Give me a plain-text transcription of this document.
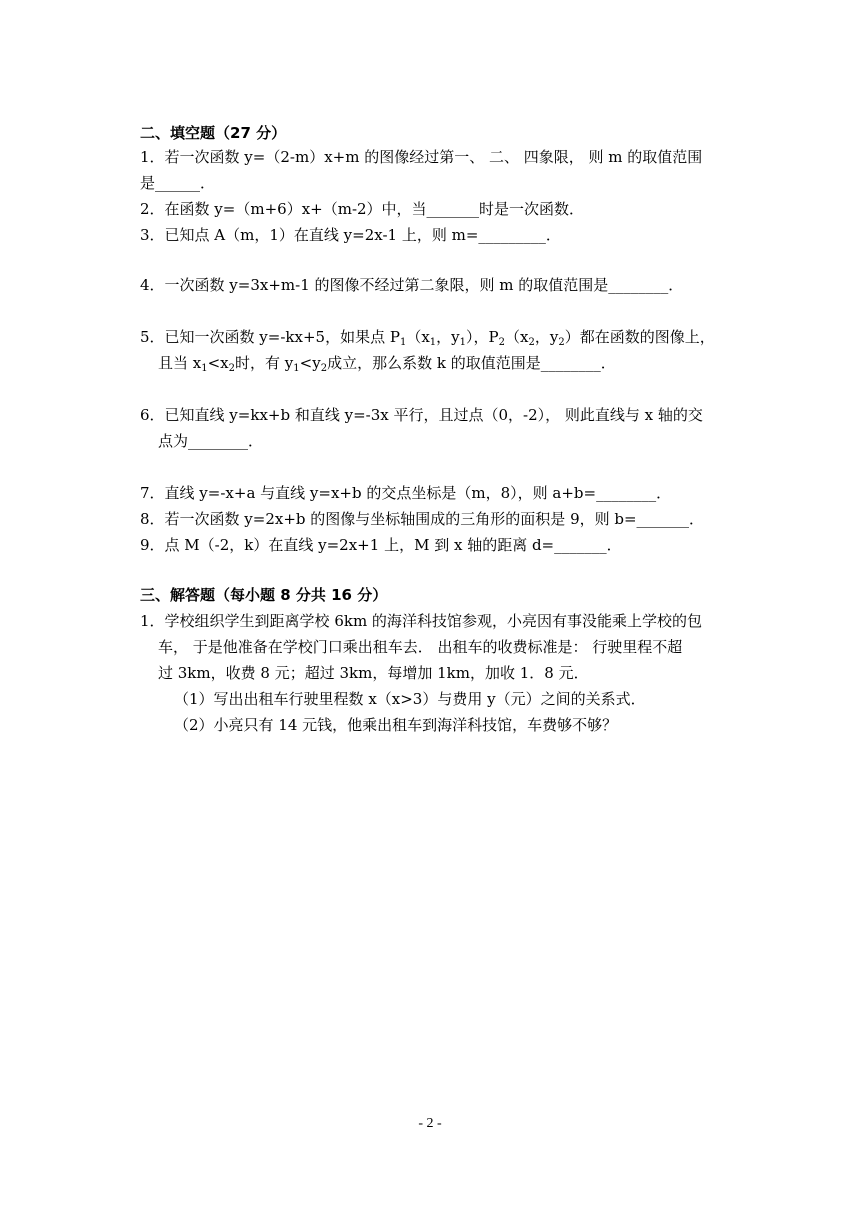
二、填空题（27 分）
1．若一次函数 y=（2-m）x+m 的图像经过第一、 二、 四象限， 则 m 的取值范围
是______．
2．在函数 y=（m+6）x+（m-2）中，当_______时是一次函数．
3．已知点 A（m，1）在直线 y=2x-1 上，则 m=_________．
4．一次函数 y=3x+m-1 的图像不经过第二象限，则 m 的取值范围是________．
5．已知一次函数 y=-kx+5，如果点 $P_1(x_1$，$y_1$），$P_2(x_2$，$y_2$）都在函数的图像上，
且当 $x_1<x_2$时，有 $y_1<y_2$成立，那么系数 k 的取值范围是________．
6．已知直线 y=kx+b 和直线 y=-3x 平行，且过点（0，-2）， 则此直线与 x 轴的交
点为________．
7．直线 y=-x+a 与直线 y=x+b 的交点坐标是（m，8），则 a+b=________．
8．若一次函数 y=2x+b 的图像与坐标轴围成的三角形的面积是 9，则 b=_______．
9．点 M（-2，k）在直线 y=2x+1 上，M 到 x 轴的距离 d=_______．
三、解答题（每小题 8 分共 16 分）
1．学校组织学生到距离学校 6km 的海洋科技馆参观，小亮因有事没能乘上学校的包
车， 于是他准备在学校门口乘出租车去． 出租车的收费标准是： 行驶里程不超
过 3km，收费 8 元；超过 3km，每增加 1km，加收 1．8 元．
（1）写出出租车行驶里程数 x（x>3）与费用 y（元）之间的关系式．
（2）小亮只有 14 元钱，他乘出租车到海洋科技馆，车费够不够？
- 2 -
